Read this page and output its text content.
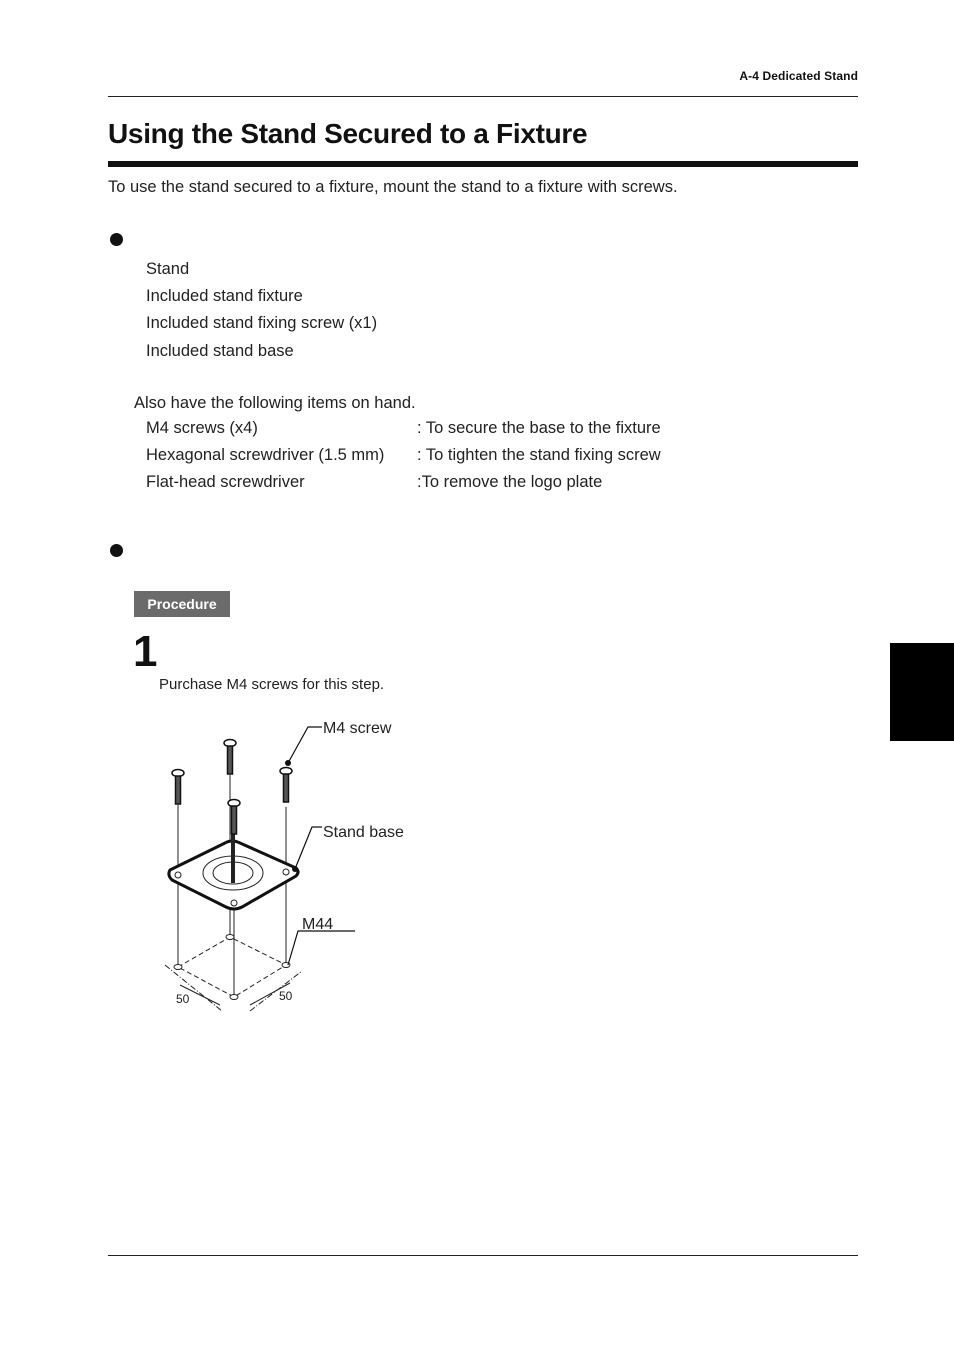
A-4 Dedicated Stand
Using the Stand Secured to a Fixture
To use the stand secured to a fixture, mount the stand to a fixture with screws.
Stand
Included stand fixture
Included stand fixing screw (x1)
Included stand base
Also have the following items on hand.
M4 screws (x4)	: To secure the base to the fixture
Hexagonal screwdriver (1.5 mm) : To tighten the stand fixing screw
Flat-head screwdriver	:To remove the logo plate
Procedure
1
Purchase M4 screws for this step.
M4 screw
Stand base
M44
50	50
